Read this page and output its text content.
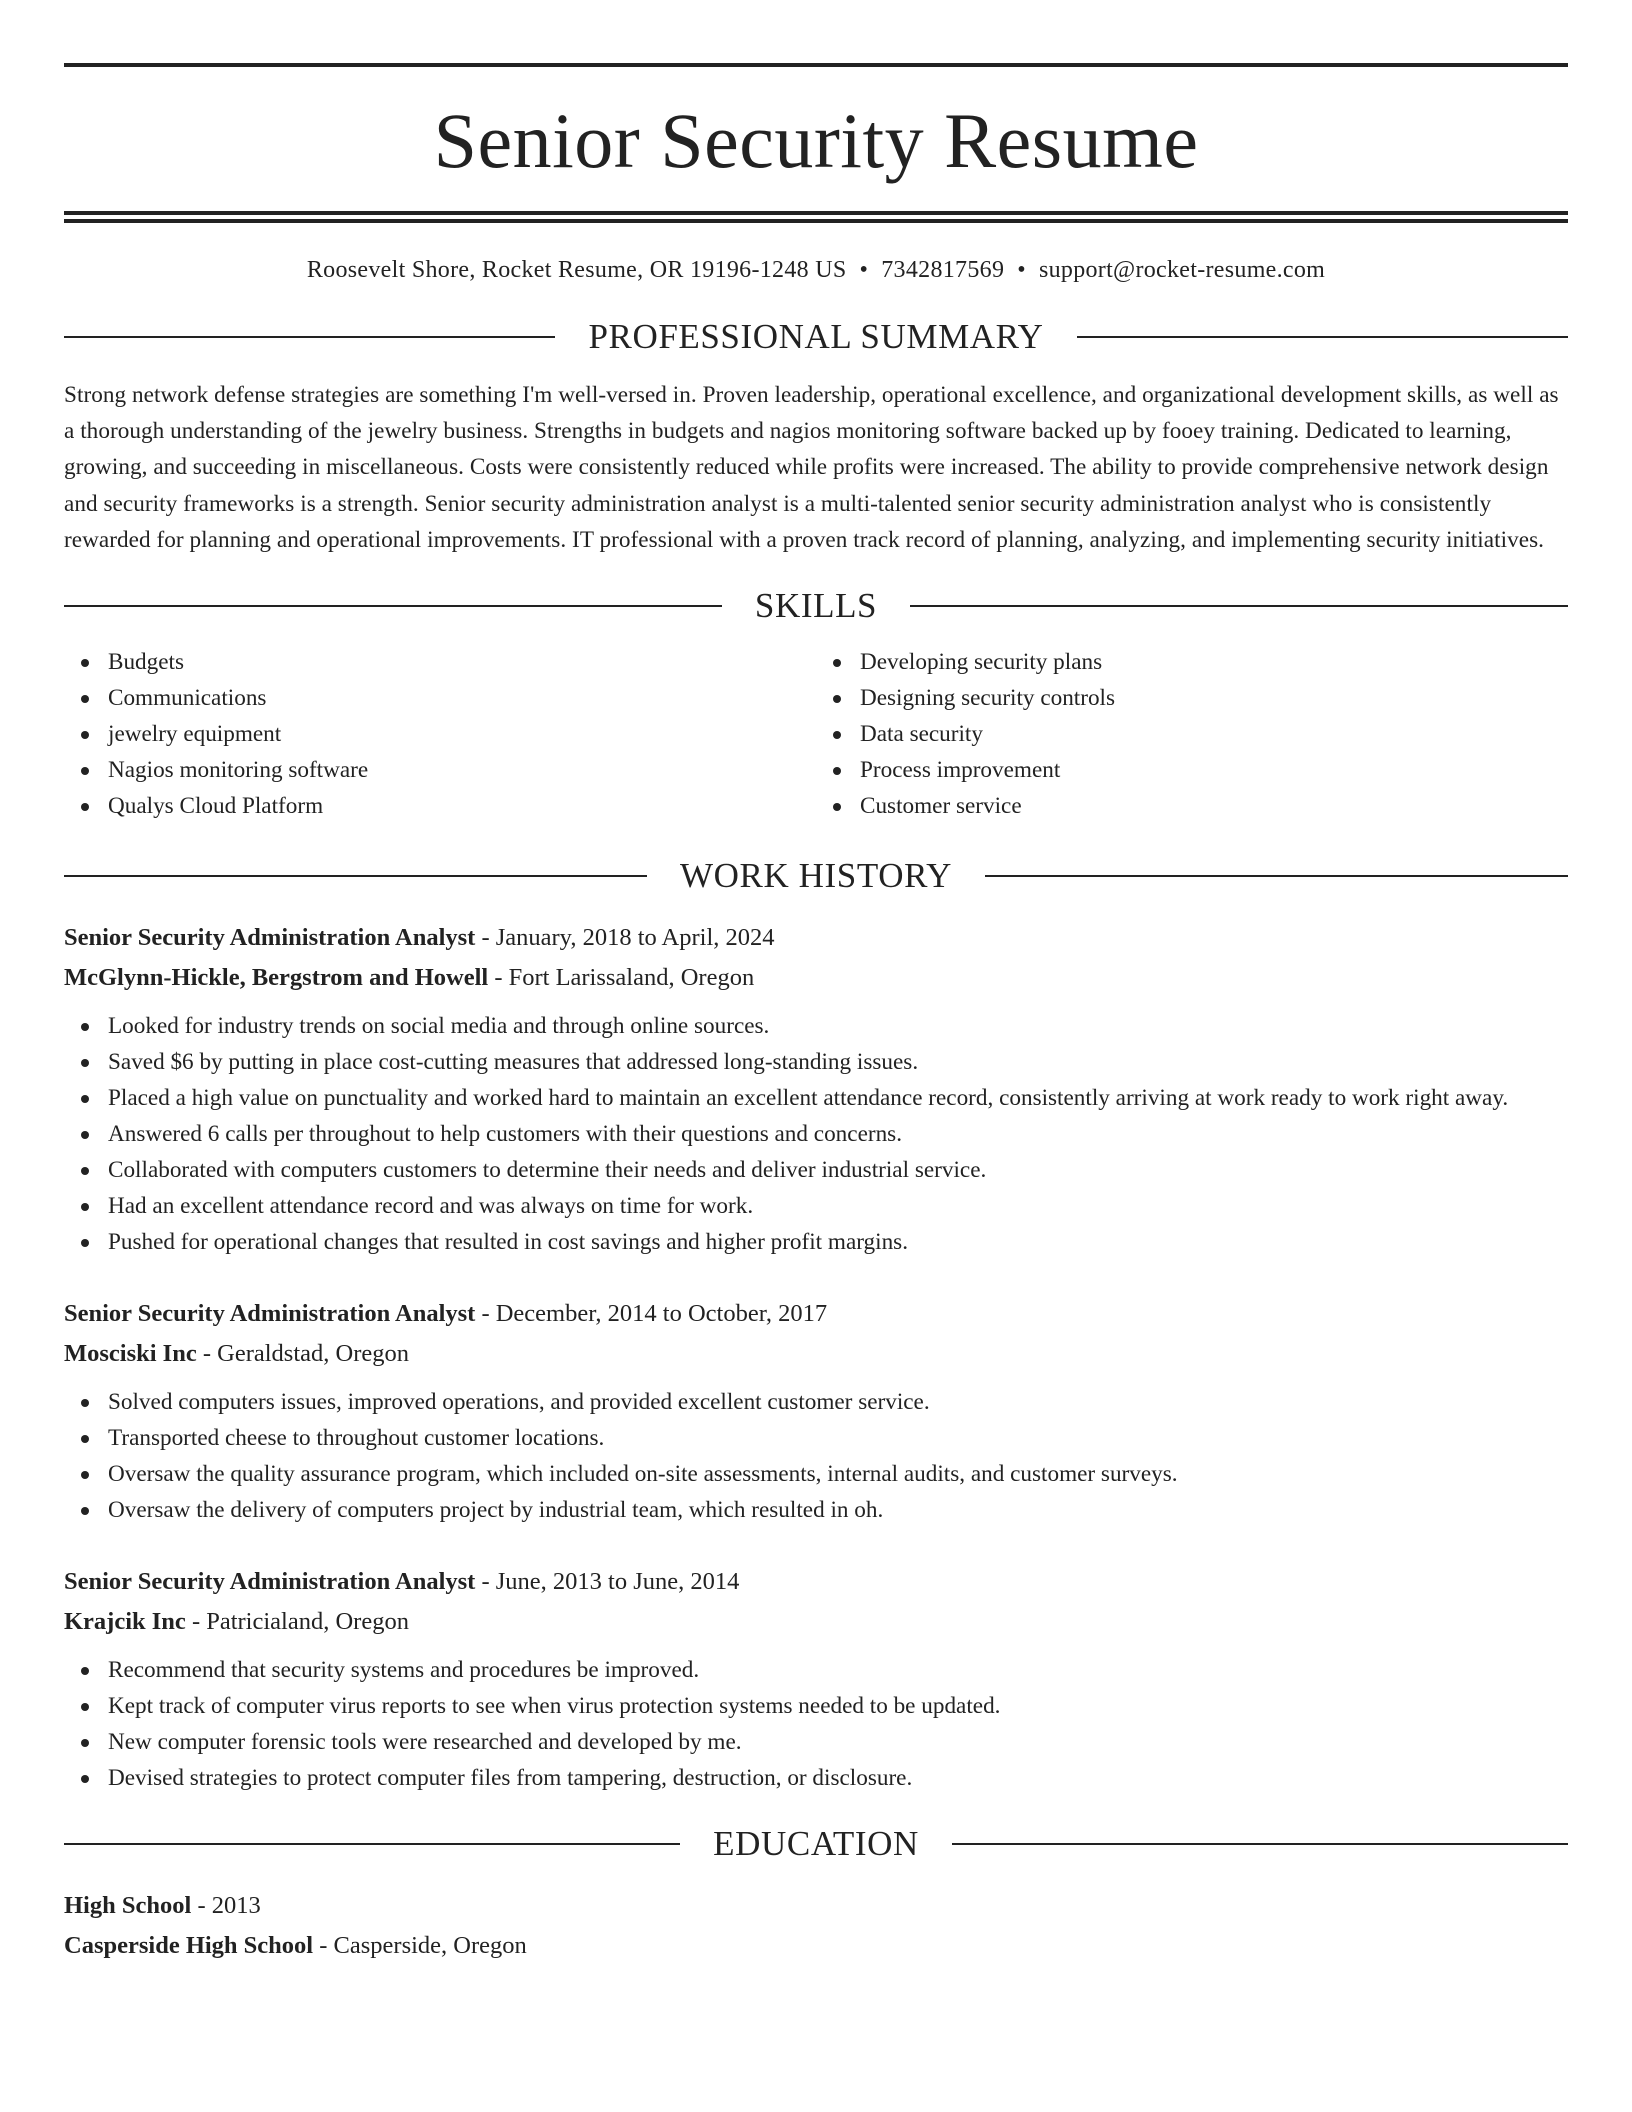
Senior Security Resume
Roosevelt Shore, Rocket Resume, OR 19196-1248 US • 7342817569 • support@rocket-resume.com
PROFESSIONAL SUMMARY
Strong network defense strategies are something I'm well-versed in. Proven leadership, operational excellence, and organizational development skills, as well as a thorough understanding of the jewelry business. Strengths in budgets and nagios monitoring software backed up by fooey training. Dedicated to learning, growing, and succeeding in miscellaneous. Costs were consistently reduced while profits were increased. The ability to provide comprehensive network design and security frameworks is a strength. Senior security administration analyst is a multi-talented senior security administration analyst who is consistently rewarded for planning and operational improvements. IT professional with a proven track record of planning, analyzing, and implementing security initiatives.
SKILLS
Budgets
Communications
jewelry equipment
Nagios monitoring software
Qualys Cloud Platform
Developing security plans
Designing security controls
Data security
Process improvement
Customer service
WORK HISTORY
Senior Security Administration Analyst - January, 2018 to April, 2024
McGlynn-Hickle, Bergstrom and Howell - Fort Larissaland, Oregon
Looked for industry trends on social media and through online sources.
Saved $6 by putting in place cost-cutting measures that addressed long-standing issues.
Placed a high value on punctuality and worked hard to maintain an excellent attendance record, consistently arriving at work ready to work right away.
Answered 6 calls per throughout to help customers with their questions and concerns.
Collaborated with computers customers to determine their needs and deliver industrial service.
Had an excellent attendance record and was always on time for work.
Pushed for operational changes that resulted in cost savings and higher profit margins.
Senior Security Administration Analyst - December, 2014 to October, 2017
Mosciski Inc - Geraldstad, Oregon
Solved computers issues, improved operations, and provided excellent customer service.
Transported cheese to throughout customer locations.
Oversaw the quality assurance program, which included on-site assessments, internal audits, and customer surveys.
Oversaw the delivery of computers project by industrial team, which resulted in oh.
Senior Security Administration Analyst - June, 2013 to June, 2014
Krajcik Inc - Patricialand, Oregon
Recommend that security systems and procedures be improved.
Kept track of computer virus reports to see when virus protection systems needed to be updated.
New computer forensic tools were researched and developed by me.
Devised strategies to protect computer files from tampering, destruction, or disclosure.
EDUCATION
High School - 2013
Casperside High School - Casperside, Oregon
